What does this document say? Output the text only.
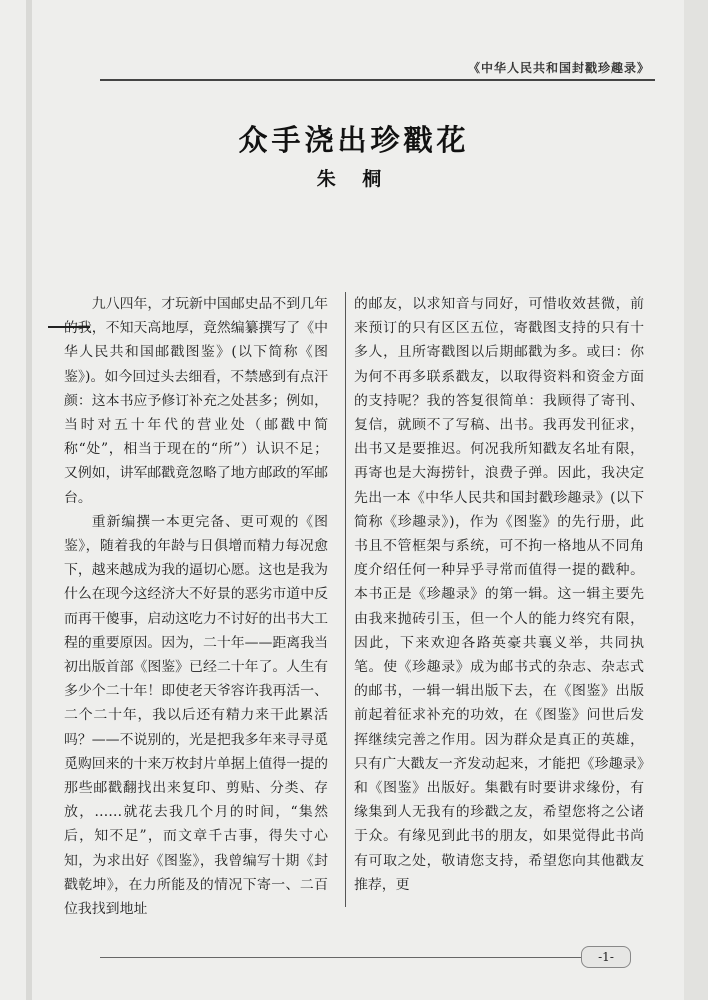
《中华人民共和国封戳珍趣录》
众手浇出珍戳花
朱 桐

九八四年，才玩新中国邮史品不到几年的我，不知天高地厚，竟然编纂撰写了《中华人民共和国邮戳图鉴》(以下简称《图鉴》)。如今回过头去细看，不禁感到有点汗颜：这本书应予修订补充之处甚多；例如，当时对五十年代的营业处（邮戳中简称“处”，相当于现在的“所”）认识不足；又例如，讲军邮戳竟忽略了地方邮政的军邮台。

重新编撰一本更完备、更可观的《图鉴》，随着我的年龄与日俱增而精力每况愈下，越来越成为我的逼切心愿。这也是我为什么在现今这经济大不好景的恶劣市道中反而再干傻事，启动这吃力不讨好的出书大工程的重要原因。因为，二十年——距离我当初出版首部《图鉴》已经二十年了。人生有多少个二十年！即使老天爷容许我再活一、二个二十年，我以后还有精力来干此累活吗？——不说别的，光是把我多年来寻寻觅觅购回来的十来万枚封片单据上值得一提的那些邮戳翻找出来复印、剪贴、分类、存放，……就花去我几个月的时间，“集然后，知不足”，而文章千古事，得失寸心知，为求出好《图鉴》，我曾编写十期《封戳乾坤》，在力所能及的情况下寄一、二百位我找到地址

的邮友，以求知音与同好，可惜收效甚微，前来预订的只有区区五位，寄戳图支持的只有十多人，且所寄戳图以后期邮戳为多。或曰：你为何不再多联系戳友，以取得资料和资金方面的支持呢？我的答复很简单：我顾得了寄刊、复信，就顾不了写稿、出书。我再发刊征求，出书又是要推迟。何况我所知戳友名址有限，再寄也是大海捞针，浪费子弹。因此，我决定先出一本《中华人民共和国封戳珍趣录》(以下简称《珍趣录》)，作为《图鉴》的先行册，此书且不管框架与系统，可不拘一格地从不同角度介绍任何一种异乎寻常而值得一提的戳种。本书正是《珍趣录》的第一辑。这一辑主要先由我来抛砖引玉，但一个人的能力终究有限，因此，下来欢迎各路英豪共襄义举，共同执笔。使《珍趣录》成为邮书式的杂志、杂志式的邮书，一辑一辑出版下去，在《图鉴》出版前起着征求补充的功效，在《图鉴》问世后发挥继续完善之作用。因为群众是真正的英雄，只有广大戳友一齐发动起来，才能把《珍趣录》和《图鉴》出版好。集戳有时要讲求缘份，有缘集到人无我有的珍戳之友，希望您将之公诸于众。有缘见到此书的朋友，如果觉得此书尚有可取之处，敬请您支持，希望您向其他戳友推荐，更

-1-
